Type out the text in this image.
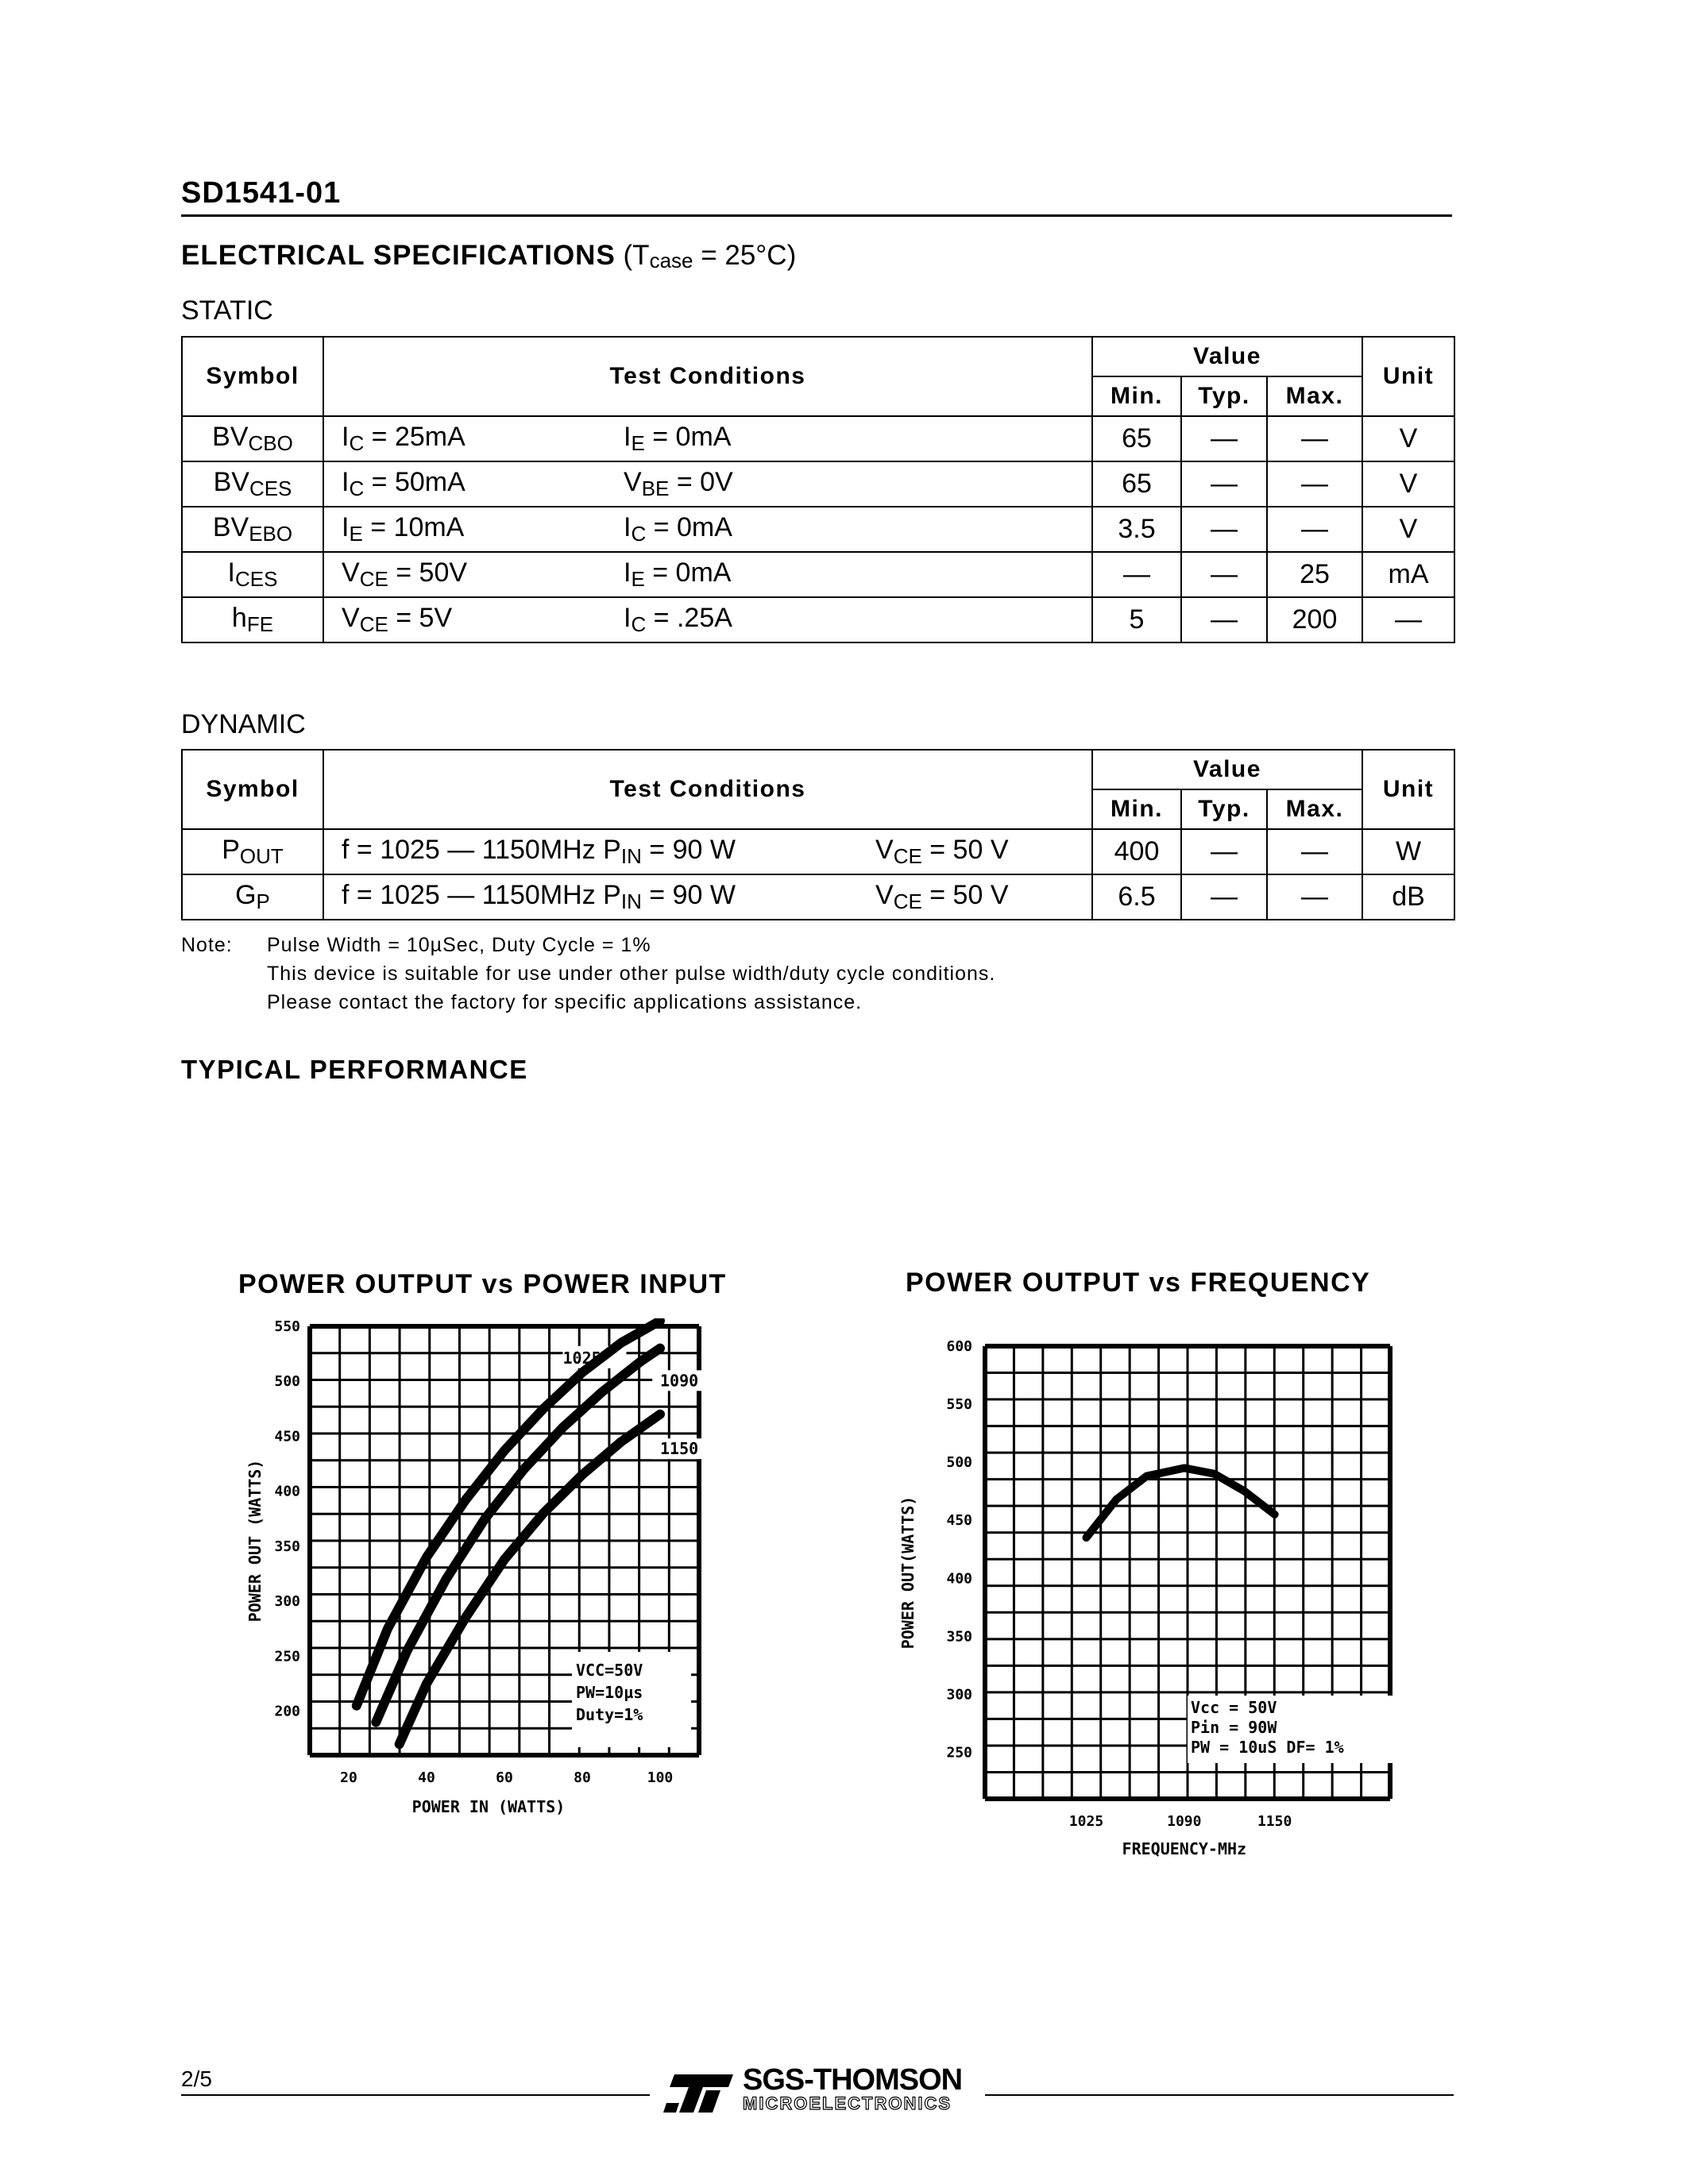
SD1541-01
ELECTRICAL SPECIFICATIONS $(T_{case} = 25^\circ C)$
STATIC
Symbol	Test Conditions	Value			Unit
		Min.	Typ.	Max.	
$BV_{CBO}$	$I_C = 25mA$ $I_E = 0mA$	65	—	—	V
$BV_{CES}$	$I_C = 50mA$ $V_{BE} = 0V$	65	—	—	V
$BV_{EBO}$	$I_E = 10mA$ $I_C = 0mA$	3.5	—	—	V
$I_{CES}$	$V_{CE} = 50V$ $I_E = 0mA$	—	—	25	mA
$h_{FE}$	$V_{CE} = 5V$ $I_C = .25A$	5	—	200	—
DYNAMIC
Symbol	Test Conditions	Value			Unit
		Min.	Typ.	Max.	
$P_{OUT}$	f = 1025 — 1150MHz $P_{IN} = 90$ W $V_{CE} = 50$ V	400	—	—	W
$G_P$	f = 1025 — 1150MHz $P_{IN} = 90$ W $V_{CE} = 50$ V	6.5	—	—	dB
Note: Pulse Width = 10µSec, Duty Cycle = 1%
This device is suitable for use under other pulse width/duty cycle conditions.
Please contact the factory for specific applications assistance.
TYPICAL PERFORMANCE
POWER OUTPUT vs POWER INPUT
1025
1090
1150
VCC=50V
PW=10µs
Duty=1%
200
250
300
350
400
450
500
550
20	40	60	80	100
POWER IN (WATTS)
POWER OUT (WATTS)
POWER OUTPUT vs FREQUENCY
Vcc = 50V
Pin = 90W
PW = 10uS DF= 1%
250
300
350
400
450
500
550
600
1025	1090	1150
FREQUENCY-MHz
POWER OUT(WATTS)
2/5	SGS-THOMSON
MICROELECTRONICS
